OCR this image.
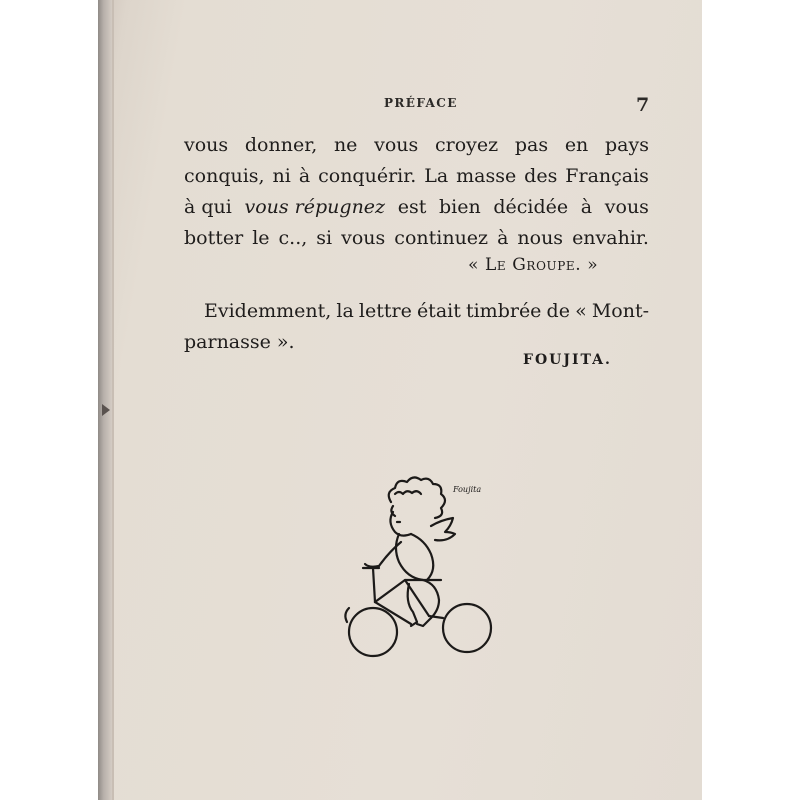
PRÉFACE	7
vous donner, ne vous croyez pas en pays
conquis, ni à conquérir. La masse des Français
à qui vous répugnez est bien décidée à vous
botter le c.., si vous continuez à nous envahir.
« Le Groupe. »
Evidemment, la lettre était timbrée de « Mont-
parnasse ».
FOUJITA.
Foujita
